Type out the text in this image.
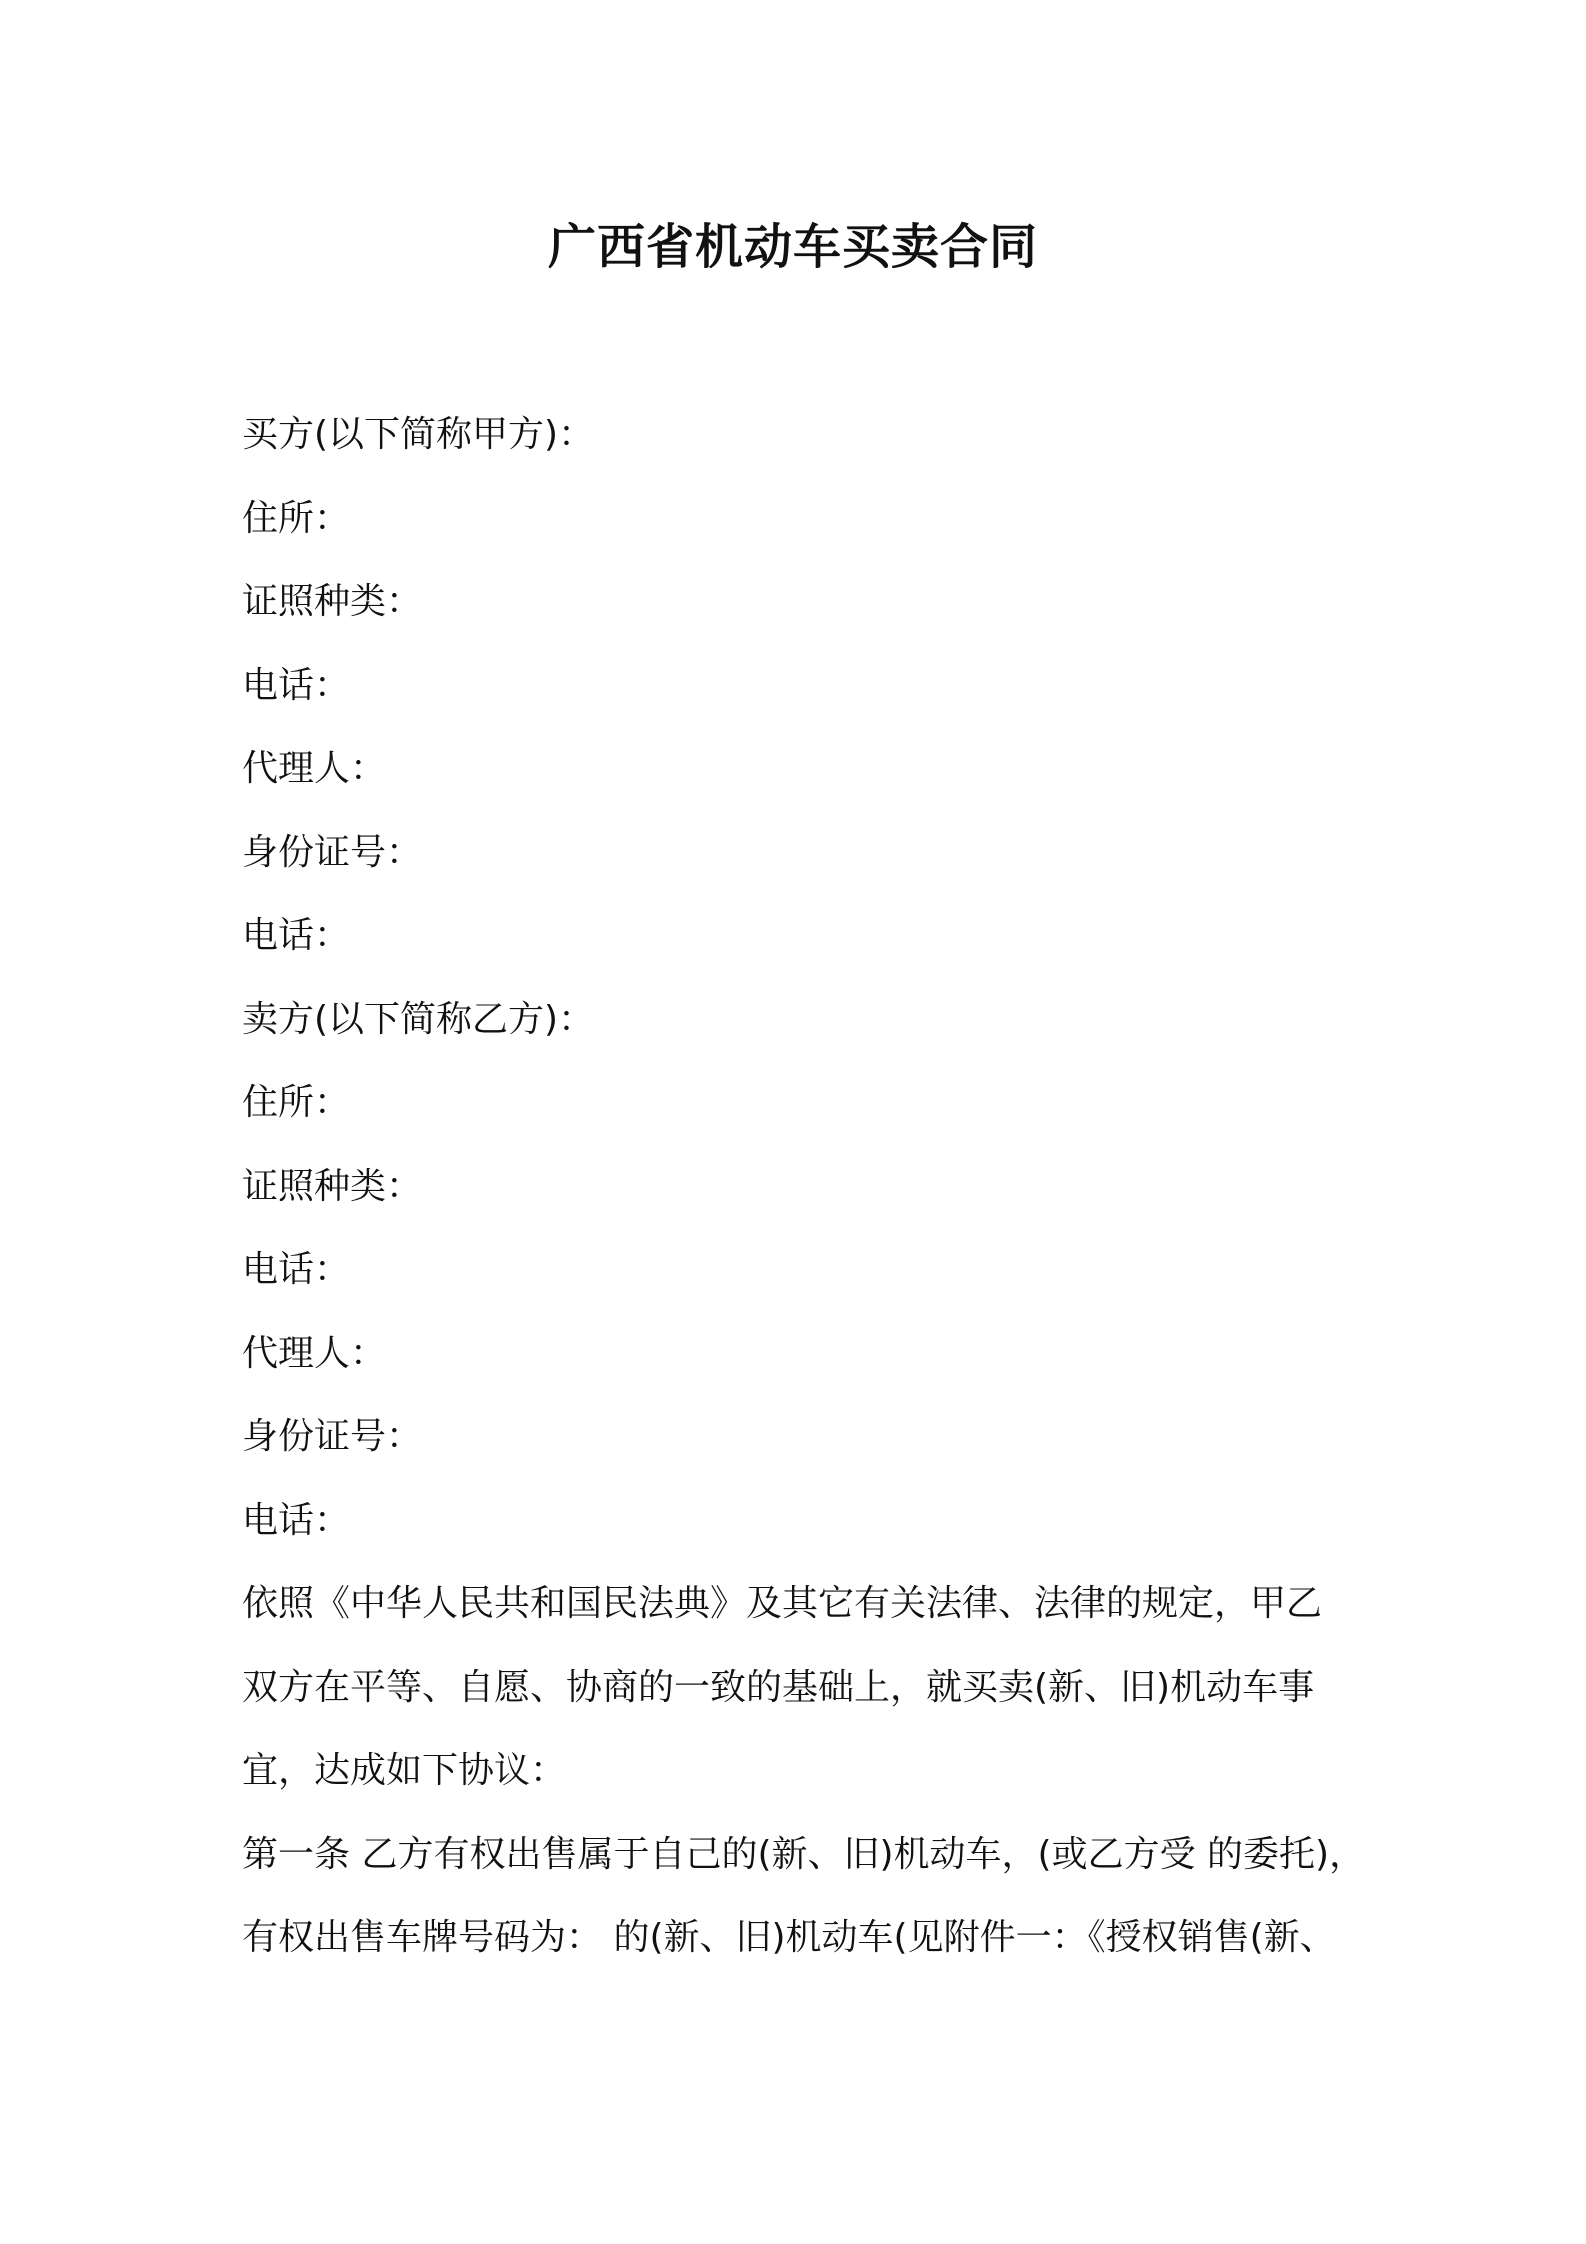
广西省机动车买卖合同
买方(以下简称甲方)：
住所：
证照种类：
电话：
代理人：
身份证号：
电话：
卖方(以下简称乙方)：
住所：
证照种类：
电话：
代理人：
身份证号：
电话：
依照《中华人民共和国民法典》及其它有关法律、法律的规定，甲乙
双方在平等、自愿、协商的一致的基础上，就买卖(新、旧)机动车事
宜，达成如下协议：
第一条 乙方有权出售属于自己的(新、旧)机动车，(或乙方受 的委托)，
有权出售车牌号码为： 的(新、旧)机动车(见附件一：《授权销售(新、
